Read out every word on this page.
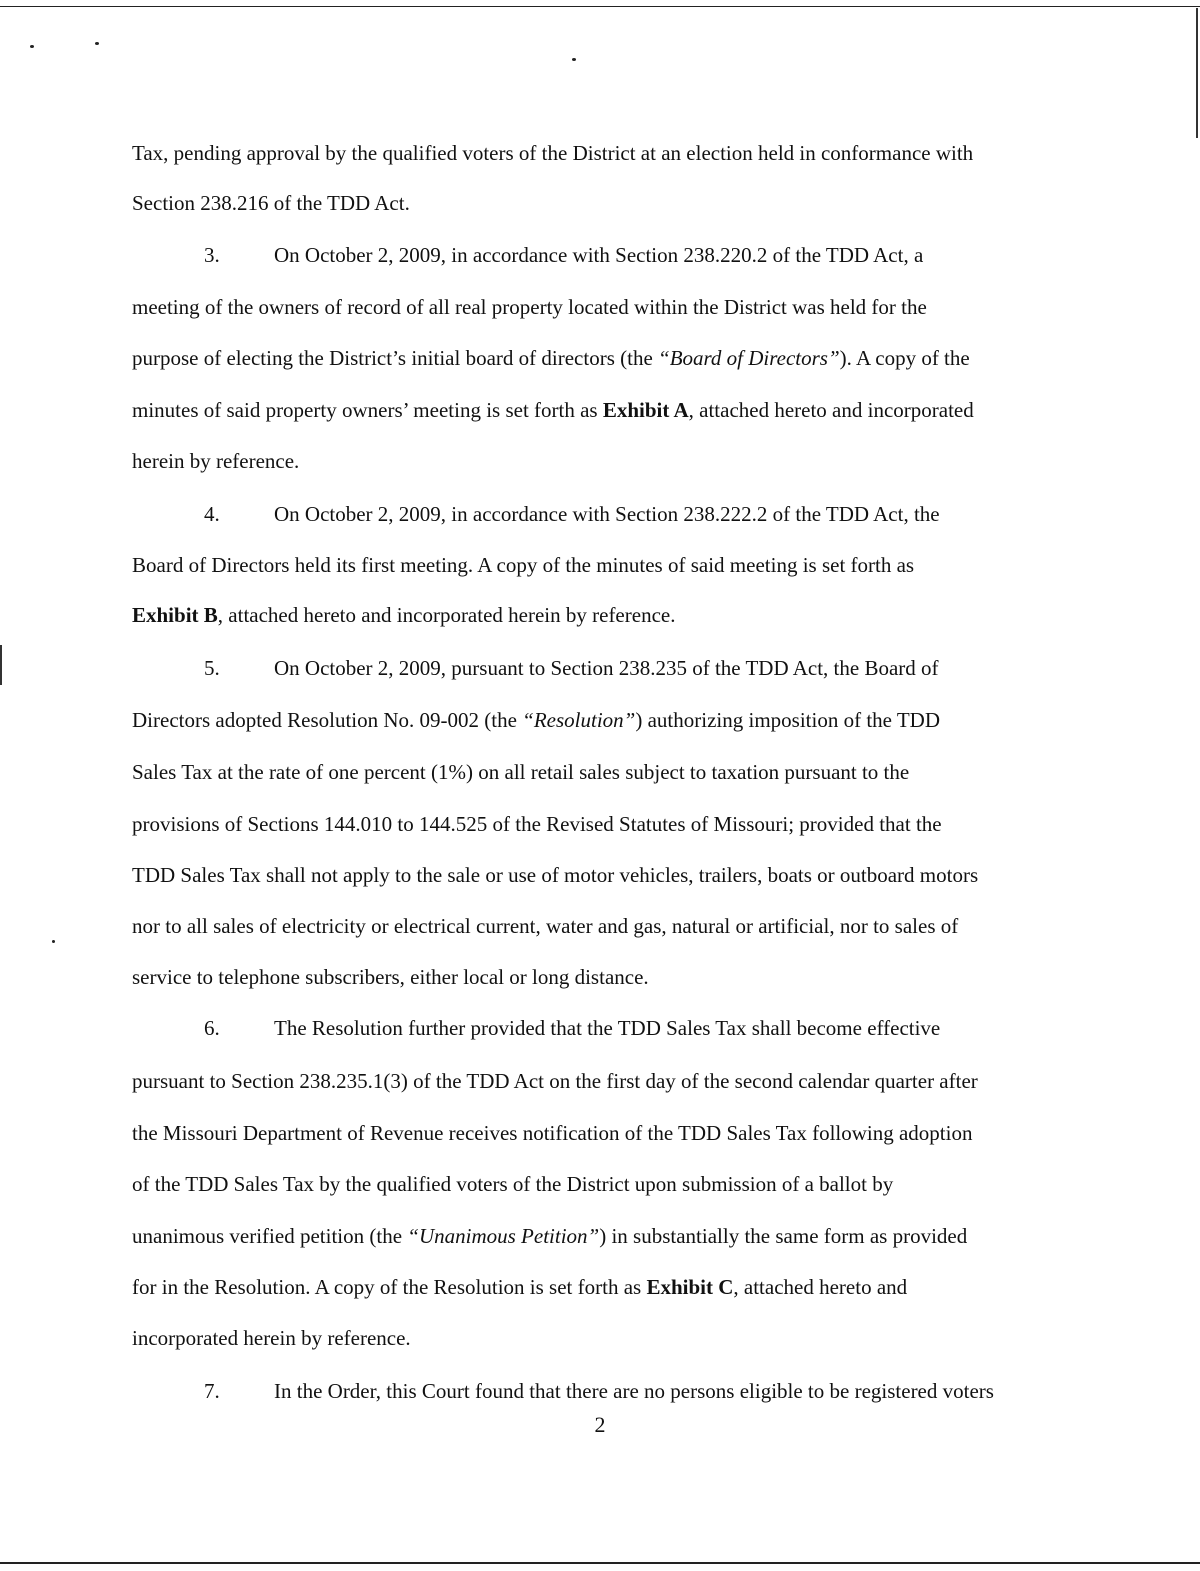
Tax, pending approval by the qualified voters of the District at an election held in conformance with
Section 238.216 of the TDD Act.
3.	On October 2, 2009, in accordance with Section 238.220.2 of the TDD Act, a
meeting of the owners of record of all real property located within the District was held for the
purpose of electing the District’s initial board of directors (the “Board of Directors”). A copy of the
minutes of said property owners’ meeting is set forth as Exhibit A, attached hereto and incorporated
herein by reference.
4.	On October 2, 2009, in accordance with Section 238.222.2 of the TDD Act, the
Board of Directors held its first meeting. A copy of the minutes of said meeting is set forth as
Exhibit B, attached hereto and incorporated herein by reference.
5.	On October 2, 2009, pursuant to Section 238.235 of the TDD Act, the Board of
Directors adopted Resolution No. 09-002 (the “Resolution”) authorizing imposition of the TDD
Sales Tax at the rate of one percent (1%) on all retail sales subject to taxation pursuant to the
provisions of Sections 144.010 to 144.525 of the Revised Statutes of Missouri; provided that the
TDD Sales Tax shall not apply to the sale or use of motor vehicles, trailers, boats or outboard motors
nor to all sales of electricity or electrical current, water and gas, natural or artificial, nor to sales of
service to telephone subscribers, either local or long distance.
6.	The Resolution further provided that the TDD Sales Tax shall become effective
pursuant to Section 238.235.1(3) of the TDD Act on the first day of the second calendar quarter after
the Missouri Department of Revenue receives notification of the TDD Sales Tax following adoption
of the TDD Sales Tax by the qualified voters of the District upon submission of a ballot by
unanimous verified petition (the “Unanimous Petition”) in substantially the same form as provided
for in the Resolution. A copy of the Resolution is set forth as Exhibit C, attached hereto and
incorporated herein by reference.
7.	In the Order, this Court found that there are no persons eligible to be registered voters
2
